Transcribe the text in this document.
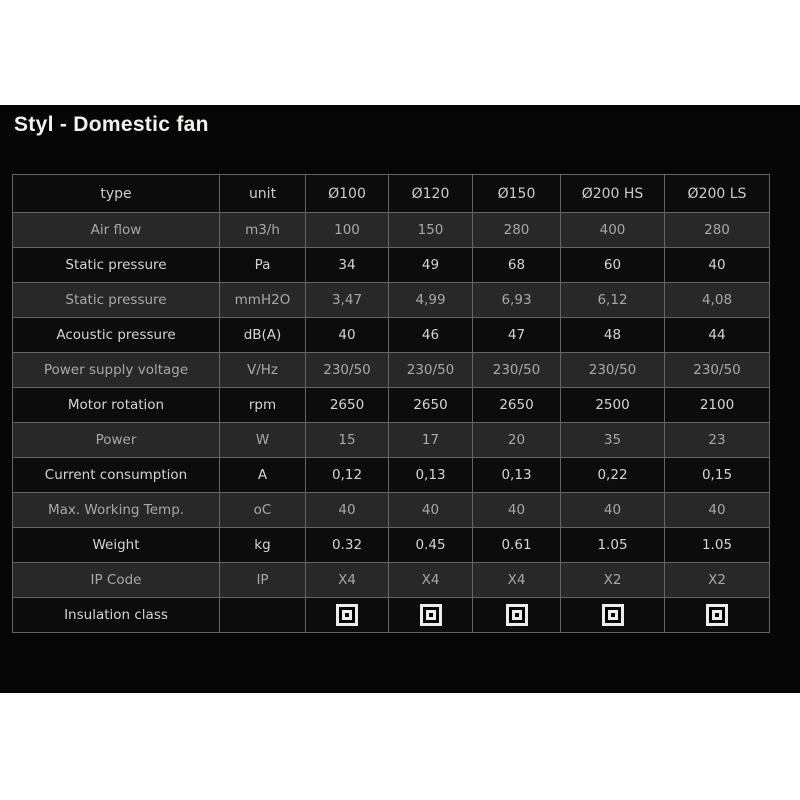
Styl - Domestic fan
type	unit	Ø100	Ø120	Ø150	Ø200 HS	Ø200 LS
Air flow	m3/h	100	150	280	400	280
Static pressure	Pa	34	49	68	60	40
Static pressure	mmH2O	3,47	4,99	6,93	6,12	4,08
Acoustic pressure	dB(A)	40	46	47	48	44
Power supply voltage	V/Hz	230/50	230/50	230/50	230/50	230/50
Motor rotation	rpm	2650	2650	2650	2500	2100
Power	W	15	17	20	35	23
Current consumption	A	0,12	0,13	0,13	0,22	0,15
Max. Working Temp.	oC	40	40	40	40	40
Weight	kg	0.32	0.45	0.61	1.05	1.05
IP Code	IP	X4	X4	X4	X2	X2
Insulation class		
